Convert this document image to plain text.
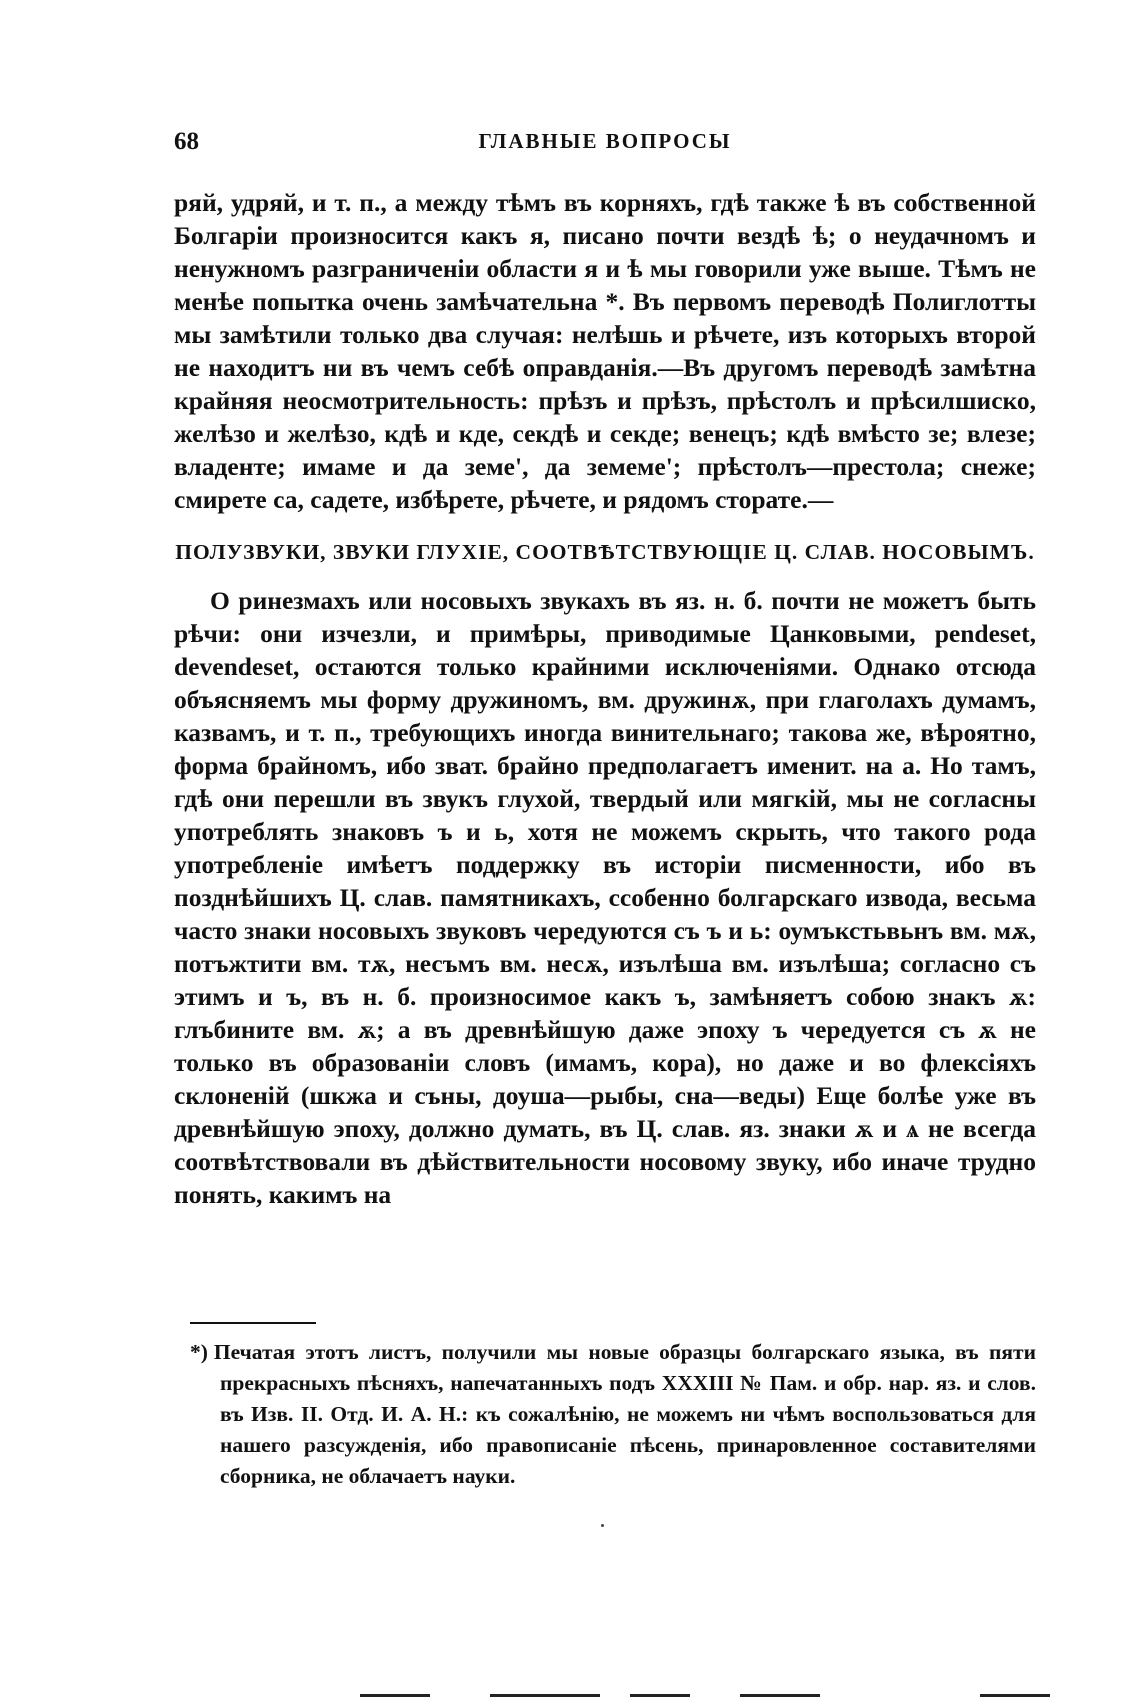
68	ГЛАВНЫЕ ВОПРОСЫ

ряй, удряй, и т. п., а между тѣмъ въ корняхъ, гдѣ также ѣ въ собственной Болгаріи произносится какъ я, писано почти вездѣ ѣ; о неудачномъ и ненужномъ разграниченіи области я и ѣ мы говорили уже выше. Тѣмъ не менѣе попытка очень замѣчательна *. Въ первомъ переводѣ Полиглотты мы замѣтили только два случая: нелѣшь и рѣчете, изъ которыхъ второй не находитъ ни въ чемъ себѣ оправданія.—Въ другомъ переводѣ замѣтна крайняя неосмотрительность: прѣзъ и прѣзъ, прѣстолъ и прѣсилшиско, желѣзо и желѣзо, кдѣ и кде, секдѣ и секде; венецъ; кдѣ вмѣсто зе; влезе; владенте; имаме и да земе', да земеме'; прѣстолъ—престола; снеже; смирете са, садете, избѣрете, рѣчете, и рядомъ сторате.—

ПОЛУЗВУКИ, ЗВУКИ ГЛУХІЕ, СООТВѢТСТВУЮЩІЕ Ц. СЛАВ. НОСОВЫМЪ.

О ринезмахъ или носовыхъ звукахъ въ яз. н. б. почти не можетъ быть рѣчи: они изчезли, и примѣры, приводимые Цанковыми, pendeset, devendeset, остаются только крайними исключеніями. Однако отсюда объясняемъ мы форму дружиномъ, вм. дружинѫ, при глаголахъ думамъ, казвамъ, и т. п., требующихъ иногда винительнаго; такова же, вѣроятно, форма брайномъ, ибо зват. брайно предполагаетъ именит. на а. Но тамъ, гдѣ они перешли въ звукъ глухой, твердый или мягкій, мы не согласны употреблять знаковъ ъ и ь, хотя не можемъ скрыть, что такого рода употребленіе имѣетъ поддержку въ исторіи писменности, ибо въ позднѣйшихъ Ц. слав. памятникахъ, ссобенно болгарскаго извода, весьма часто знаки носовыхъ звуковъ чередуются съ ъ и ь: оумъкстьвьнъ вм. мѫ, потъжтити вм. тѫ, несъмъ вм. несѫ, изълѣша вм. изълѣша; согласно съ этимъ и ъ, въ н. б. произносимое какъ ъ, замѣняетъ собою знакъ ѫ: глъбините вм. ѫ; а въ древнѣйшую даже эпоху ъ чередуется съ ѫ не только въ образованіи словъ (имамъ, кора), но даже и во флексіяхъ склоненій (шкжа и съны, доуша—рыбы, сна—веды) Еще болѣе уже въ древнѣйшую эпоху, должно думать, въ Ц. слав. яз. знаки ѫ и ѧ не всегда соотвѣтствовали въ дѣйствительности носовому звуку, ибо иначе трудно понять, какимъ на

*) Печатая этотъ листъ, получили мы новые образцы болгарскаго языка, въ пяти прекрасныхъ пѣсняхъ, напечатанныхъ подъ XXXIII № Пам. и обр. нар. яз. и слов. въ Изв. II. Отд. И. А. Н.: къ сожалѣнію, не можемъ ни чѣмъ воспользоваться для нашего разсужденія, ибо правописаніе пѣсень, принаровленное составителями сборника, не облачаетъ науки.
